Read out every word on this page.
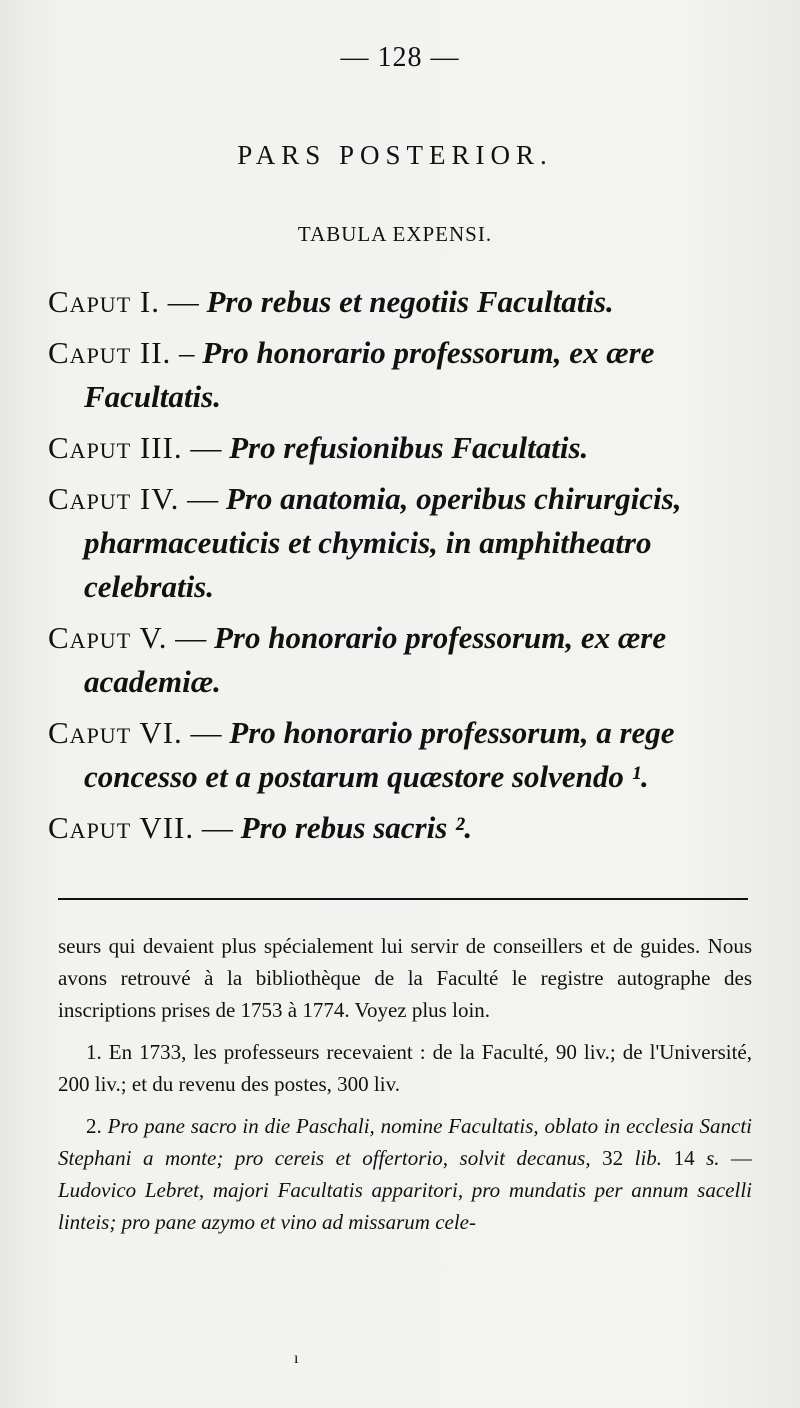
— 128 —
PARS POSTERIOR.
TABULA EXPENSI.
Caput I. — Pro rebus et negotiis Facultatis.
Caput II. – Pro honorario professorum, ex ære
Facultatis.
Caput III. — Pro refusionibus Facultatis.
Caput IV. — Pro anatomia, operibus chirurgicis,
pharmaceuticis et chymicis, in amphitheatro celebratis.
Caput V. — Pro honorario professorum, ex ære
academiæ.
Caput VI. — Pro honorario professorum, a rege
concesso et a postarum quæstore solvendo ¹.
Caput VII. — Pro rebus sacris ².

seurs qui devaient plus spécialement lui servir de conseillers et de guides. Nous avons retrouvé à la bibliothèque de la Faculté le registre autographe des inscriptions prises de 1753 à 1774. Voyez plus loin.

1. En 1733, les professeurs recevaient : de la Faculté, 90 liv.; de l'Université, 200 liv.; et du revenu des postes, 300 liv.

2. Pro pane sacro in die Paschali, nomine Facultatis, oblato in ecclesia Sancti Stephani a monte; pro cereis et offertorio, solvit decanus, 32 lib. 14 s. — Ludovico Lebret, majori Facultatis apparitori, pro mundatis per annum sacelli linteis; pro pane azymo et vino ad missarum cele-

ı
